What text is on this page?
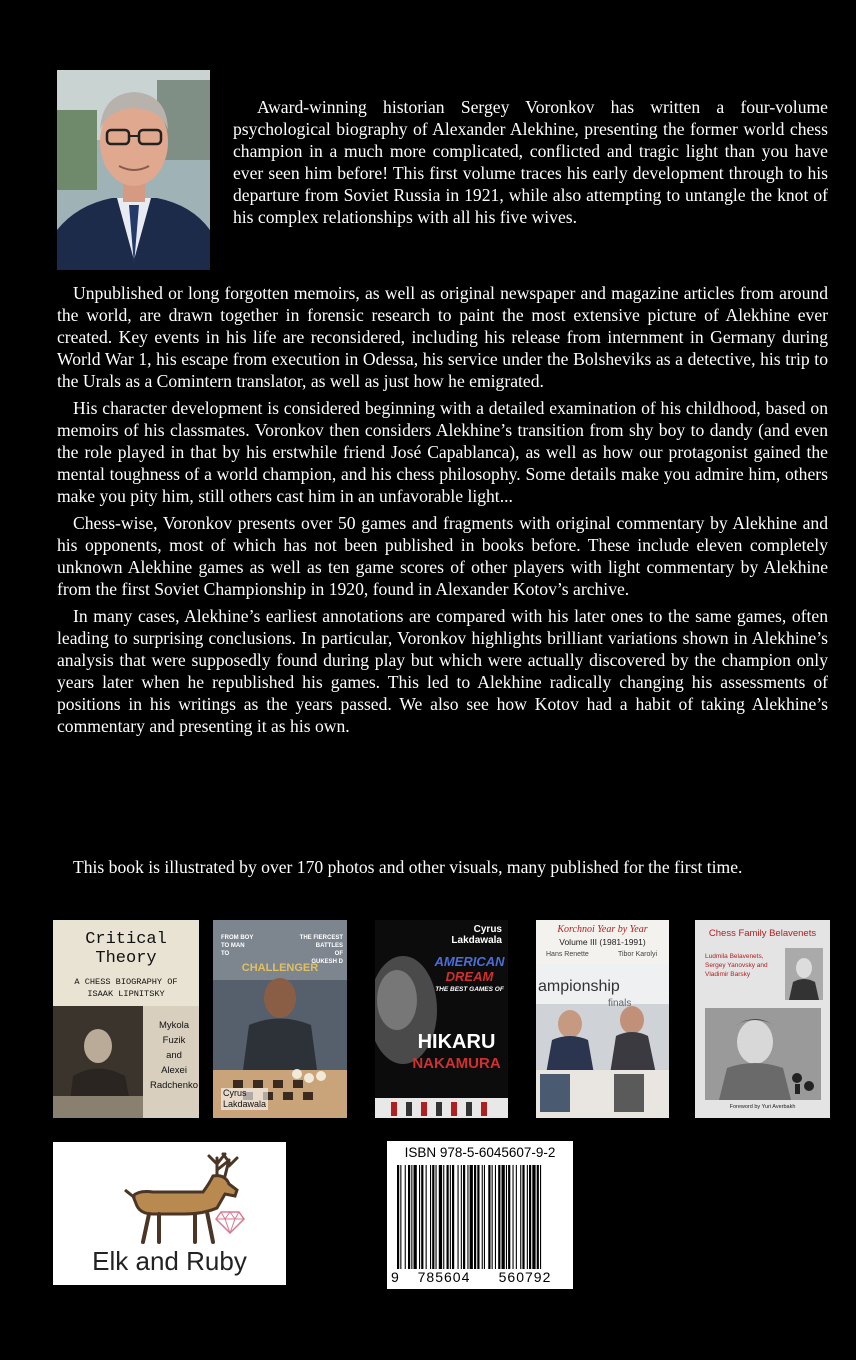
Award-winning historian Sergey Voronkov has written a four-volume psychological biography of Alexander Alekhine, presenting the former world chess champion in a much more complicated, conflicted and tragic light than you have ever seen him before! This first volume traces his early development through to his departure from Soviet Russia in 1921, while also attempting to untangle the knot of his complex relationships with all his five wives.

Unpublished or long forgotten memoirs, as well as original newspaper and magazine articles from around the world, are drawn together in forensic research to paint the most extensive picture of Alekhine ever created. Key events in his life are reconsidered, including his release from internment in Germany during World War 1, his escape from execution in Odessa, his service under the Bolsheviks as a detective, his trip to the Urals as a Comintern translator, as well as just how he emigrated.

His character development is considered beginning with a detailed examination of his childhood, based on memoirs of his classmates. Voronkov then considers Alekhine’s transition from shy boy to dandy (and even the role played in that by his erstwhile friend José Capablanca), as well as how our protagonist gained the mental toughness of a world champion, and his chess philosophy. Some details make you admire him, others make you pity him, still others cast him in an unfavorable light...

Chess-wise, Voronkov presents over 50 games and fragments with original commentary by Alekhine and his opponents, most of which has not been published in books before. These include eleven completely unknown Alekhine games as well as ten game scores of other players with light commentary by Alekhine from the first Soviet Championship in 1920, found in Alexander Kotov’s archive.

In many cases, Alekhine’s earliest annotations are compared with his later ones to the same games, often leading to surprising conclusions. In particular, Voronkov highlights brilliant variations shown in Alekhine’s analysis that were supposedly found during play but which were actually discovered by the champion only years later when he republished his games. This led to Alekhine radically changing his assessments of positions in his writings as the years passed. We also see how Kotov had a habit of taking Alekhine’s commentary and presenting it as his own.

This book is illustrated by over 170 photos and other visuals, many published for the first time.

Critical
Theory
A CHESS BIOGRAPHY OF
ISAAK LIPNITSKY
Mykola
Fuzik
and
Alexei
Radchenko
FROM BOY
TO MAN
TO
THE FIERCEST
BATTLES
OF
GUKESH D
CHALLENGER
Cyrus
Lakdawala
Cyrus
Lakdawala
AMERICAN
DREAM
THE BEST GAMES OF
HIKARU
NAKAMURA
Korchnoi Year by Year
Volume III (1981-1991)
Hans Renette	Tibor Karolyi
ampionship
finals
Chess Family Belavenets
Ludmila Belavenets,
Sergey Yanovsky and
Vladimir Barsky
Foreword by Yuri Averbakh
Elk and Ruby
ISBN 978-5-6045607-9-2
9	785604	560792
